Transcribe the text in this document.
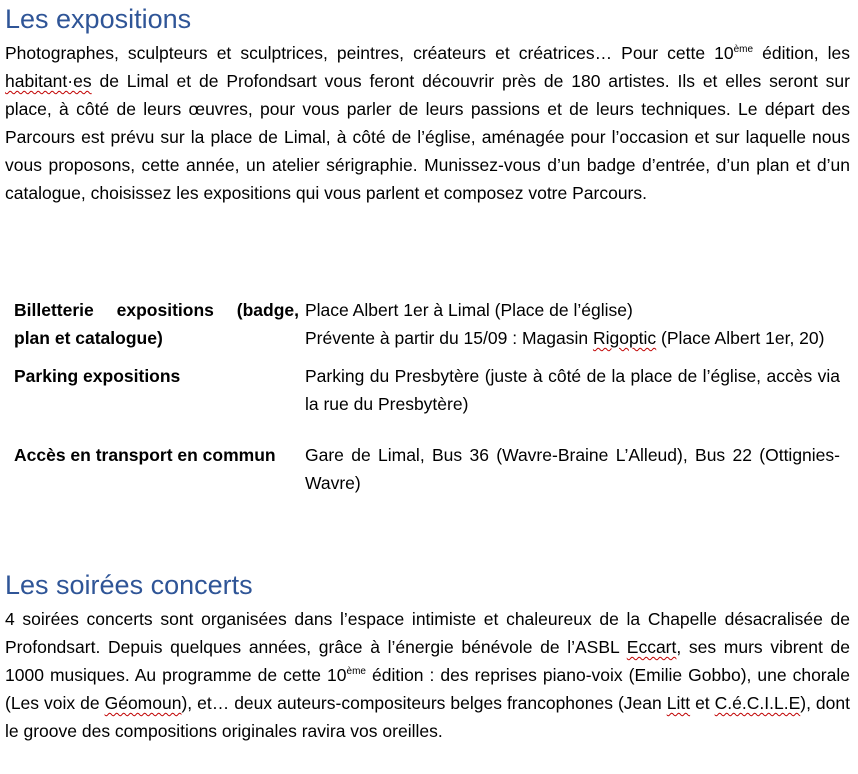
Les expositions

Photographes, sculpteurs et sculptrices, peintres, créateurs et créatrices… Pour cette 10ème édition, les habitant·es de Limal et de Profondsart vous feront découvrir près de 180 artistes. Ils et elles seront sur place, à côté de leurs œuvres, pour vous parler de leurs passions et de leurs techniques. Le départ des Parcours est prévu sur la place de Limal, à côté de l’église, aménagée pour l’occasion et sur laquelle nous vous proposons, cette année, un atelier sérigraphie. Munissez-vous d’un badge d’entrée, d’un plan et d’un catalogue, choisissez les expositions qui vous parlent et composez votre Parcours.

Billetterie expositions (badge, plan et catalogue)	Place Albert 1er à Limal (Place de l’église)
Prévente à partir du 15/09 : Magasin Rigoptic (Place Albert 1er, 20)

Parking expositions	Parking du Presbytère (juste à côté de la place de l’église, accès via la rue du Presbytère)
Accès en transport en commun	Gare de Limal, Bus 36 (Wavre-Braine L’Alleud), Bus 22 (Ottignies-Wavre)
Les soirées concerts

4 soirées concerts sont organisées dans l’espace intimiste et chaleureux de la Chapelle désacralisée de Profondsart. Depuis quelques années, grâce à l’énergie bénévole de l’ASBL Eccart, ses murs vibrent de 1000 musiques. Au programme de cette 10ème édition : des reprises piano-voix (Emilie Gobbo), une chorale (Les voix de Géomoun), et… deux auteurs-compositeurs belges francophones (Jean Litt et C.é.C.I.L.E), dont le groove des compositions originales ravira vos oreilles.
